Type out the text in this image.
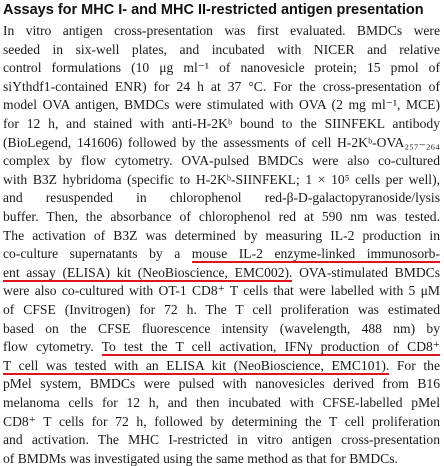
Assays for MHC I- and MHC II-restricted antigen presentation
In vitro antigen cross-presentation was first evaluated. BMDCs were
seeded in six-well plates, and incubated with NICER and relative
control formulations (10 μg ml⁻¹ of nanovesicle protein; 15 pmol of
siYthdf1-contained ENR) for 24 h at 37 °C. For the cross-presentation of
model OVA antigen, BMDCs were stimulated with OVA (2 mg ml⁻¹, MCE)
for 12 h, and stained with anti-H-2Kᵇ bound to the SIINFEKL antibody
(BioLegend, 141606) followed by the assessments of cell H-2Kᵇ-OVA₂₅₇₋₂₆₄
complex by flow cytometry. OVA-pulsed BMDCs were also co-cultured
with B3Z hybridoma (specific to H-2Kᵇ-SIINFEKL; 1 × 10⁵ cells per well),
and resuspended in chlorophenol red-β-D-galactopyranoside/lysis
buffer. Then, the absorbance of chlorophenol red at 590 nm was tested.
The activation of B3Z was determined by measuring IL-2 production in
co-culture supernatants by a mouse IL-2 enzyme-linked immunosorb-
ent assay (ELISA) kit (NeoBioscience, EMC002). OVA-stimulated BMDCs
were also co-cultured with OT-1 CD8⁺ T cells that were labelled with 5 μM
of CFSE (Invitrogen) for 72 h. The T cell proliferation was estimated
based on the CFSE fluorescence intensity (wavelength, 488 nm) by
flow cytometry. To test the T cell activation, IFNγ production of CD8⁺
T cell was tested with an ELISA kit (NeoBioscience, EMC101). For the
pMel system, BMDCs were pulsed with nanovesicles derived from B16
melanoma cells for 12 h, and then incubated with CFSE-labelled pMel
CD8⁺ T cells for 72 h, followed by determining the T cell proliferation
and activation. The MHC I-restricted in vitro antigen cross-presentation
of BMDMs was investigated using the same method as that for BMDCs.
